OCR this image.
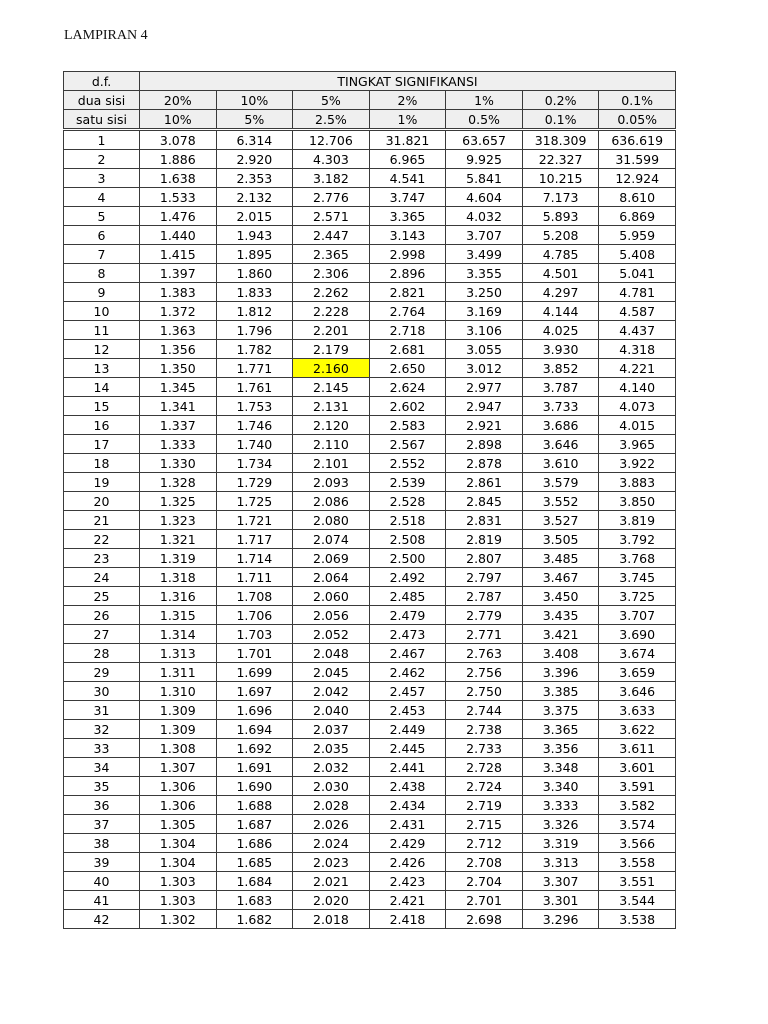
LAMPIRAN 4
d.f.	TINGKAT SIGNIFIKANSI						
dua sisi	20%	10%	5%	2%	1%	0.2%	0.1%
satu sisi	10%	5%	2.5%	1%	0.5%	0.1%	0.05%
1	3.078	6.314	12.706	31.821	63.657	318.309	636.619
2	1.886	2.920	4.303	6.965	9.925	22.327	31.599
3	1.638	2.353	3.182	4.541	5.841	10.215	12.924
4	1.533	2.132	2.776	3.747	4.604	7.173	8.610
5	1.476	2.015	2.571	3.365	4.032	5.893	6.869
6	1.440	1.943	2.447	3.143	3.707	5.208	5.959
7	1.415	1.895	2.365	2.998	3.499	4.785	5.408
8	1.397	1.860	2.306	2.896	3.355	4.501	5.041
9	1.383	1.833	2.262	2.821	3.250	4.297	4.781
10	1.372	1.812	2.228	2.764	3.169	4.144	4.587
11	1.363	1.796	2.201	2.718	3.106	4.025	4.437
12	1.356	1.782	2.179	2.681	3.055	3.930	4.318
13	1.350	1.771	2.160	2.650	3.012	3.852	4.221
14	1.345	1.761	2.145	2.624	2.977	3.787	4.140
15	1.341	1.753	2.131	2.602	2.947	3.733	4.073
16	1.337	1.746	2.120	2.583	2.921	3.686	4.015
17	1.333	1.740	2.110	2.567	2.898	3.646	3.965
18	1.330	1.734	2.101	2.552	2.878	3.610	3.922
19	1.328	1.729	2.093	2.539	2.861	3.579	3.883
20	1.325	1.725	2.086	2.528	2.845	3.552	3.850
21	1.323	1.721	2.080	2.518	2.831	3.527	3.819
22	1.321	1.717	2.074	2.508	2.819	3.505	3.792
23	1.319	1.714	2.069	2.500	2.807	3.485	3.768
24	1.318	1.711	2.064	2.492	2.797	3.467	3.745
25	1.316	1.708	2.060	2.485	2.787	3.450	3.725
26	1.315	1.706	2.056	2.479	2.779	3.435	3.707
27	1.314	1.703	2.052	2.473	2.771	3.421	3.690
28	1.313	1.701	2.048	2.467	2.763	3.408	3.674
29	1.311	1.699	2.045	2.462	2.756	3.396	3.659
30	1.310	1.697	2.042	2.457	2.750	3.385	3.646
31	1.309	1.696	2.040	2.453	2.744	3.375	3.633
32	1.309	1.694	2.037	2.449	2.738	3.365	3.622
33	1.308	1.692	2.035	2.445	2.733	3.356	3.611
34	1.307	1.691	2.032	2.441	2.728	3.348	3.601
35	1.306	1.690	2.030	2.438	2.724	3.340	3.591
36	1.306	1.688	2.028	2.434	2.719	3.333	3.582
37	1.305	1.687	2.026	2.431	2.715	3.326	3.574
38	1.304	1.686	2.024	2.429	2.712	3.319	3.566
39	1.304	1.685	2.023	2.426	2.708	3.313	3.558
40	1.303	1.684	2.021	2.423	2.704	3.307	3.551
41	1.303	1.683	2.020	2.421	2.701	3.301	3.544
42	1.302	1.682	2.018	2.418	2.698	3.296	3.538
